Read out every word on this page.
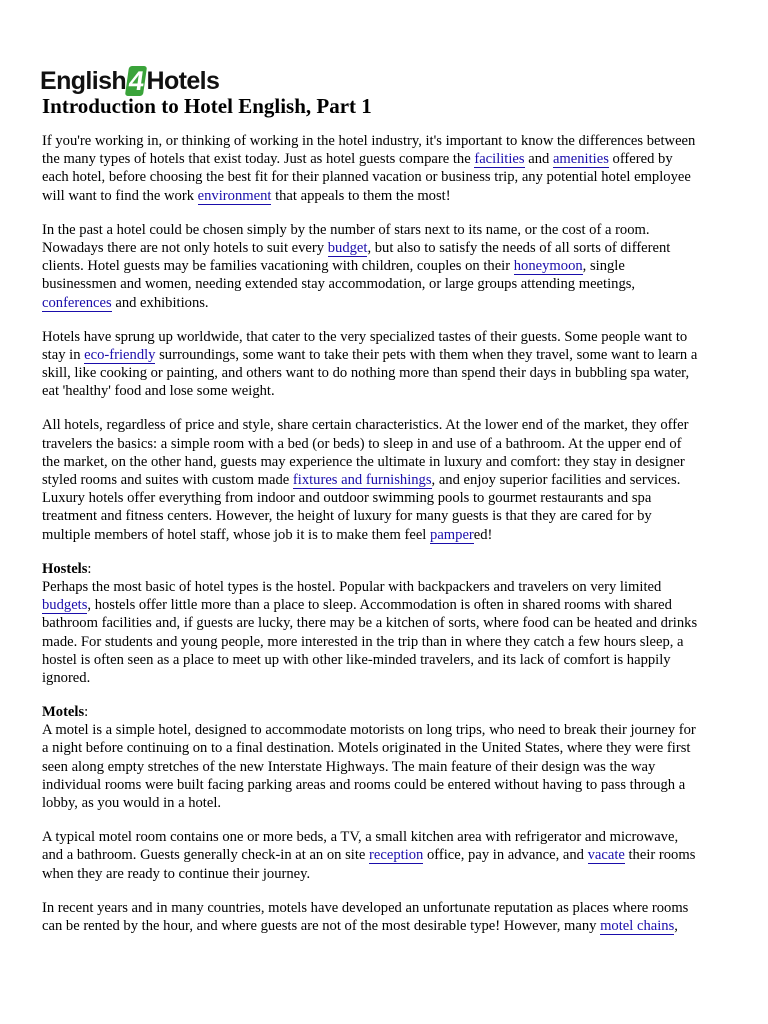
English 4 Hotels
Introduction to Hotel English, Part 1
If you're working in, or thinking of working in the hotel industry, it's important to know the differences between
the many types of hotels that exist today. Just as hotel guests compare the facilities and amenities offered by
each hotel, before choosing the best fit for their planned vacation or business trip, any potential hotel employee
will want to find the work environment that appeals to them the most!
In the past a hotel could be chosen simply by the number of stars next to its name, or the cost of a room.
Nowadays there are not only hotels to suit every budget, but also to satisfy the needs of all sorts of different
clients. Hotel guests may be families vacationing with children, couples on their honeymoon, single
businessmen and women, needing extended stay accommodation, or large groups attending meetings,
conferences and exhibitions.
Hotels have sprung up worldwide, that cater to the very specialized tastes of their guests. Some people want to
stay in eco-friendly surroundings, some want to take their pets with them when they travel, some want to learn a
skill, like cooking or painting, and others want to do nothing more than spend their days in bubbling spa water,
eat 'healthy' food and lose some weight.
All hotels, regardless of price and style, share certain characteristics. At the lower end of the market, they offer
travelers the basics: a simple room with a bed (or beds) to sleep in and use of a bathroom. At the upper end of
the market, on the other hand, guests may experience the ultimate in luxury and comfort: they stay in designer
styled rooms and suites with custom made fixtures and furnishings, and enjoy superior facilities and services.
Luxury hotels offer everything from indoor and outdoor swimming pools to gourmet restaurants and spa
treatment and fitness centers. However, the height of luxury for many guests is that they are cared for by
multiple members of hotel staff, whose job it is to make them feel pampered!
Hostels:
Perhaps the most basic of hotel types is the hostel. Popular with backpackers and travelers on very limited
budgets, hostels offer little more than a place to sleep. Accommodation is often in shared rooms with shared
bathroom facilities and, if guests are lucky, there may be a kitchen of sorts, where food can be heated and drinks
made. For students and young people, more interested in the trip than in where they catch a few hours sleep, a
hostel is often seen as a place to meet up with other like-minded travelers, and its lack of comfort is happily
ignored.
Motels:
A motel is a simple hotel, designed to accommodate motorists on long trips, who need to break their journey for
a night before continuing on to a final destination. Motels originated in the United States, where they were first
seen along empty stretches of the new Interstate Highways. The main feature of their design was the way
individual rooms were built facing parking areas and rooms could be entered without having to pass through a
lobby, as you would in a hotel.
A typical motel room contains one or more beds, a TV, a small kitchen area with refrigerator and microwave,
and a bathroom. Guests generally check-in at an on site reception office, pay in advance, and vacate their rooms
when they are ready to continue their journey.
In recent years and in many countries, motels have developed an unfortunate reputation as places where rooms
can be rented by the hour, and where guests are not of the most desirable type! However, many motel chains,
